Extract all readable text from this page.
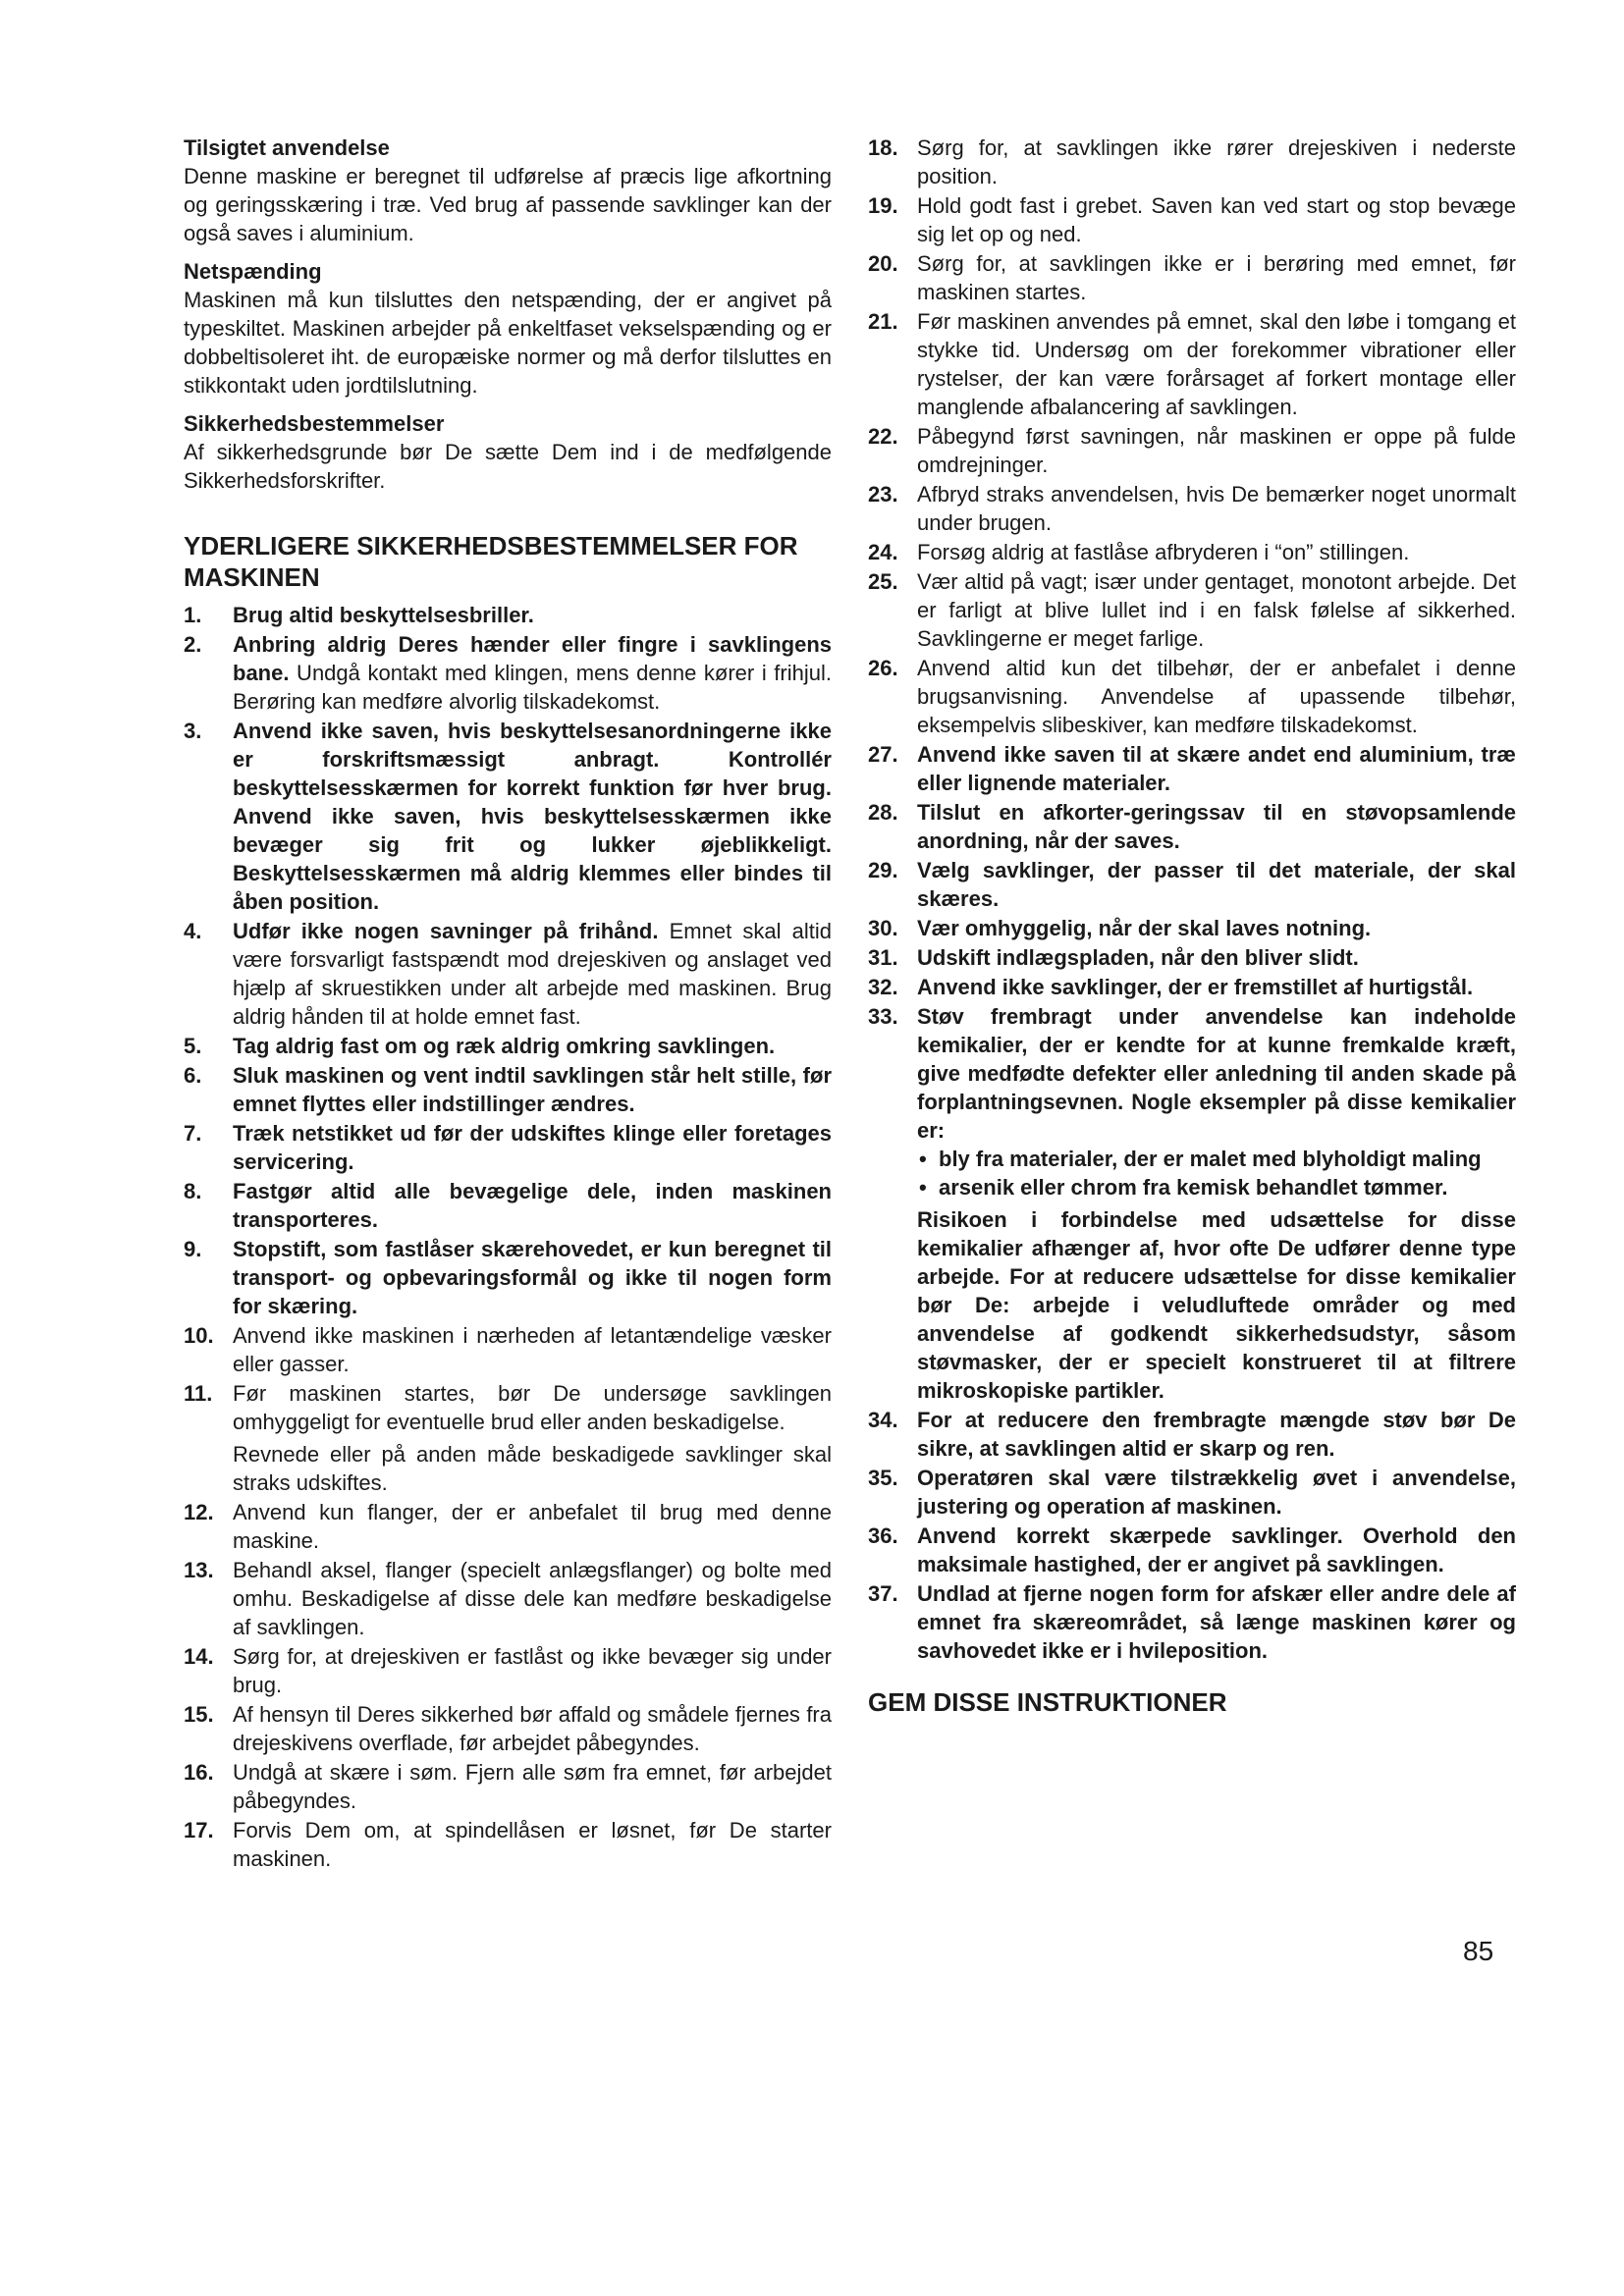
Tilsigtet anvendelse

Denne maskine er beregnet til udførelse af præcis lige afkortning og geringsskæring i træ. Ved brug af passende savklinger kan der også saves i aluminium.

Netspænding

Maskinen må kun tilsluttes den netspænding, der er angivet på typeskiltet. Maskinen arbejder på enkeltfaset vekselspænding og er dobbeltisoleret iht. de europæiske normer og må derfor tilsluttes en stikkontakt uden jordtilslutning.

Sikkerhedsbestemmelser

Af sikkerhedsgrunde bør De sætte Dem ind i de medfølgende Sikkerhedsforskrifter.

YDERLIGERE SIKKERHEDSBESTEMMELSER FOR MASKINEN
1. Brug altid beskyttelsesbriller.
2. Anbring aldrig Deres hænder eller fingre i savklingens bane. Undgå kontakt med klingen, mens denne kører i frihjul. Berøring kan medføre alvorlig tilskadekomst.
3. Anvend ikke saven, hvis beskyttelsesanordningerne ikke er forskriftsmæssigt anbragt. Kontrollér beskyttelsesskærmen for korrekt funktion før hver brug. Anvend ikke saven, hvis beskyttelsesskærmen ikke bevæger sig frit og lukker øjeblikkeligt. Beskyttelsesskærmen må aldrig klemmes eller bindes til åben position.
4. Udfør ikke nogen savninger på frihånd. Emnet skal altid være forsvarligt fastspændt mod drejeskiven og anslaget ved hjælp af skruestikken under alt arbejde med maskinen. Brug aldrig hånden til at holde emnet fast.
5. Tag aldrig fast om og ræk aldrig omkring savklingen.
6. Sluk maskinen og vent indtil savklingen står helt stille, før emnet flyttes eller indstillinger ændres.
7. Træk netstikket ud før der udskiftes klinge eller foretages servicering.
8. Fastgør altid alle bevægelige dele, inden maskinen transporteres.
9. Stopstift, som fastlåser skærehovedet, er kun beregnet til transport- og opbevaringsformål og ikke til nogen form for skæring.
10. Anvend ikke maskinen i nærheden af letantændelige væsker eller gasser.
11. Før maskinen startes, bør De undersøge savklingen omhyggeligt for eventuelle brud eller anden beskadigelse.
Revnede eller på anden måde beskadigede savklinger skal straks udskiftes.
12. Anvend kun flanger, der er anbefalet til brug med denne maskine.
13. Behandl aksel, flanger (specielt anlægsflanger) og bolte med omhu. Beskadigelse af disse dele kan medføre beskadigelse af savklingen.
14. Sørg for, at drejeskiven er fastlåst og ikke bevæger sig under brug.
15. Af hensyn til Deres sikkerhed bør affald og smådele fjernes fra drejeskivens overflade, før arbejdet påbegyndes.
16. Undgå at skære i søm. Fjern alle søm fra emnet, før arbejdet påbegyndes.
17. Forvis Dem om, at spindellåsen er løsnet, før De starter maskinen.
18. Sørg for, at savklingen ikke rører drejeskiven i nederste position.
19. Hold godt fast i grebet. Saven kan ved start og stop bevæge sig let op og ned.
20. Sørg for, at savklingen ikke er i berøring med emnet, før maskinen startes.
21. Før maskinen anvendes på emnet, skal den løbe i tomgang et stykke tid. Undersøg om der forekommer vibrationer eller rystelser, der kan være forårsaget af forkert montage eller manglende afbalancering af savklingen.
22. Påbegynd først savningen, når maskinen er oppe på fulde omdrejninger.
23. Afbryd straks anvendelsen, hvis De bemærker noget unormalt under brugen.
24. Forsøg aldrig at fastlåse afbryderen i “on” stillingen.
25. Vær altid på vagt; især under gentaget, monotont arbejde. Det er farligt at blive lullet ind i en falsk følelse af sikkerhed. Savklingerne er meget farlige.
26. Anvend altid kun det tilbehør, der er anbefalet i denne brugsanvisning. Anvendelse af upassende tilbehør, eksempelvis slibeskiver, kan medføre tilskadekomst.
27. Anvend ikke saven til at skære andet end aluminium, træ eller lignende materialer.
28. Tilslut en afkorter-geringssav til en støvopsamlende anordning, når der saves.
29. Vælg savklinger, der passer til det materiale, der skal skæres.
30. Vær omhyggelig, når der skal laves notning.
31. Udskift indlægspladen, når den bliver slidt.
32. Anvend ikke savklinger, der er fremstillet af hurtigstål.
33. Støv frembragt under anvendelse kan indeholde kemikalier, der er kendte for at kunne fremkalde kræft, give medfødte defekter eller anledning til anden skade på forplantningsevnen. Nogle eksempler på disse kemikalier er:
• bly fra materialer, der er malet med blyholdigt maling
• arsenik eller chrom fra kemisk behandlet tømmer.
Risikoen i forbindelse med udsættelse for disse kemikalier afhænger af, hvor ofte De udfører denne type arbejde. For at reducere udsættelse for disse kemikalier bør De: arbejde i veludluftede områder og med anvendelse af godkendt sikkerhedsudstyr, såsom støvmasker, der er specielt konstrueret til at filtrere mikroskopiske partikler.
34. For at reducere den frembragte mængde støv bør De sikre, at savklingen altid er skarp og ren.
35. Operatøren skal være tilstrækkelig øvet i anvendelse, justering og operation af maskinen.
36. Anvend korrekt skærpede savklinger. Overhold den maksimale hastighed, der er angivet på savklingen.
37. Undlad at fjerne nogen form for afskær eller andre dele af emnet fra skæreområdet, så længe maskinen kører og savhovedet ikke er i hvileposition.
GEM DISSE INSTRUKTIONER
85
